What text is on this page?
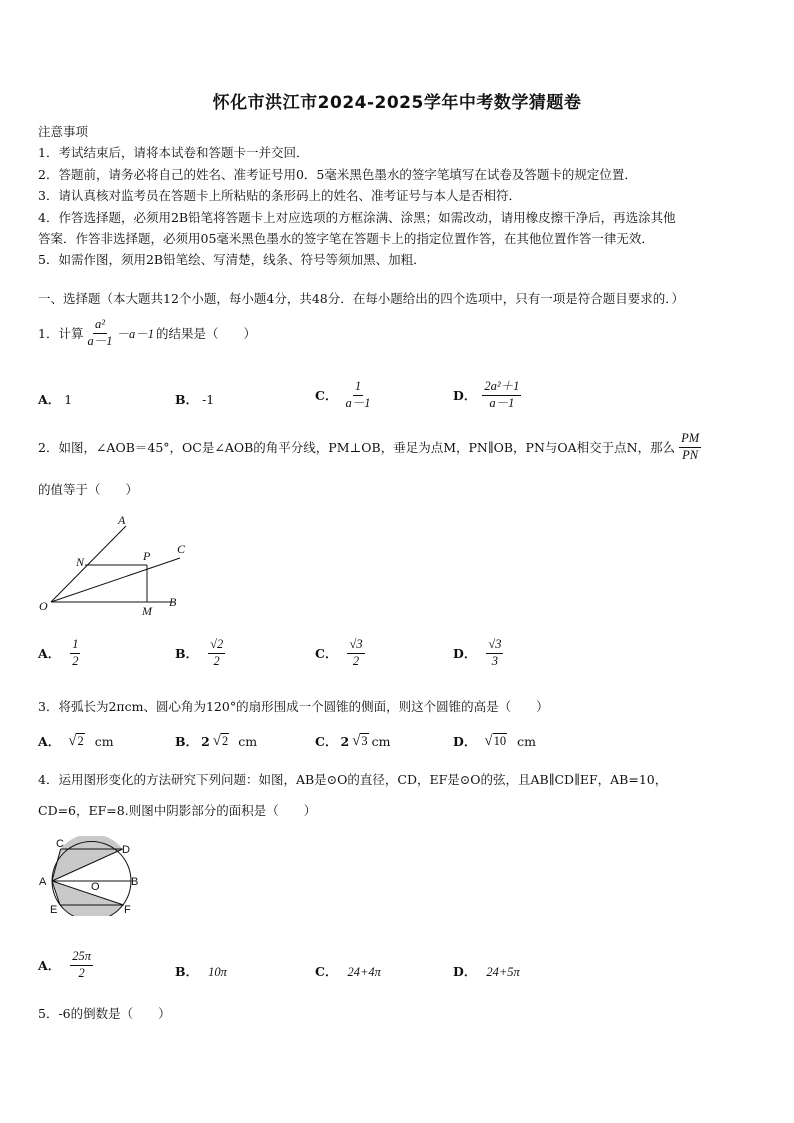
怀化市洪江市2024-2025学年中考数学猜题卷
注意事项
1．考试结束后，请将本试卷和答题卡一并交回．
2．答题前，请务必将自己的姓名、准考证号用0．5毫米黑色墨水的签字笔填写在试卷及答题卡的规定位置．
3．请认真核对监考员在答题卡上所粘贴的条形码上的姓名、准考证号与本人是否相符．
4．作答选择题，必须用2B铅笔将答题卡上对应选项的方框涂满、涂黑；如需改动，请用橡皮擦干净后，再选涂其他
答案．作答非选择题，必须用05毫米黑色墨水的签字笔在答题卡上的指定位置作答，在其他位置作答一律无效．
5．如需作图，须用2B铅笔绘、写清楚，线条、符号等须加黑、加粗．
一、选择题（本大题共12个小题，每小题4分，共48分．在每小题给出的四个选项中，只有一项是符合题目要求的．）
1．计算 $\frac{\text{a²}}{a-1} -a-1$ 的结果是（　　）
A． 1	B． -1	C． $\frac{1}{a-1}$	D． $\frac{\text{2a²＋1}}{a-1}$
2．如图，∠AOB＝45°，OC是∠AOB的角平分线，PM⊥OB，垂足为点M，PN∥OB，PN与OA相交于点N，那么 $\frac{PM}{PN}$
的值等于（　　）
A
C
N	P
O	M
B
A． $\frac{1}{2}$	B． $\frac{√2}{2}$	C． $\frac{√3}{2}$	D． $\frac{√3}{3}$
3．将弧长为2πcm、圆心角为120°的扇形围成一个圆锥的侧面，则这个圆锥的高是（　　）
A． √2 cm	B． 2 √2 cm	C． 2 √3 cm	D． √10 cm
4．运用图形变化的方法研究下列问题：如图，AB是⊙O的直径，CD，EF是⊙O的弦，且AB∥CD∥EF，AB=10，
CD=6，EF=8.则图中阴影部分的面积是（　　）
C	D
A	O	B
E	F
A． $\frac{25\pi}{2}$	B． 10π	C． 24+4π	D． 24+5π
5．-6的倒数是（　　）
